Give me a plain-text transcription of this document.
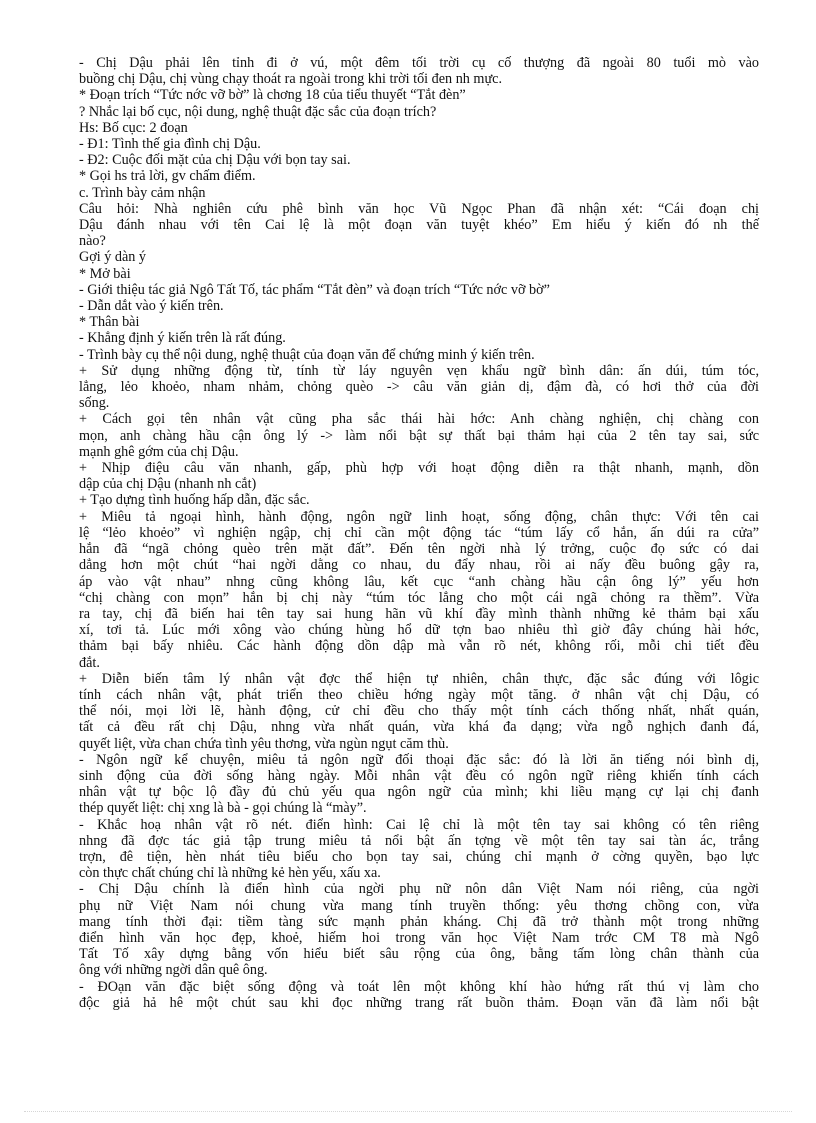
- Chị Dậu phải lên tỉnh đi ở vú, một đêm tối trời cụ cố thượng đã ngoài 80 tuổi mò vào
buồng chị Dậu, chị vùng chạy thoát ra ngoài trong khi trời tối đen nh mực.
* Đoạn trích “Tức nớc vỡ bờ” là chơng 18 của tiểu thuyết “Tắt đèn”
? Nhắc lại bố cục, nội dung, nghệ thuật đặc sắc của đoạn trích?
Hs: Bố cục: 2 đoạn
- Đ1: Tình thế gia đình chị Dậu.
- Đ2: Cuộc đối mặt của chị Dậu với bọn tay sai.
* Gọi hs trả lời, gv chấm điểm.
c. Trình bày cảm nhận
Câu hỏi: Nhà nghiên cứu phê bình văn học Vũ Ngọc Phan đã nhận xét: “Cái đoạn chị
Dậu đánh nhau với tên Cai lệ là một đoạn văn tuyệt khéo” Em hiểu ý kiến đó nh thế
nào?
Gợi ý dàn ý
* Mở bài
- Giới thiệu tác giả Ngô Tất Tố, tác phẩm “Tắt đèn” và đoạn trích “Tức nớc vỡ bờ”
- Dẫn dắt vào ý kiến trên.
* Thân bài
- Khẳng định ý kiến trên là rất đúng.
- Trình bày cụ thể nội dung, nghệ thuật của đoạn văn để chứng minh ý kiến trên.
+ Sử dụng những động từ, tính từ láy nguyên vẹn khẩu ngữ bình dân: ấn dúi, túm tóc,
lẳng, lẻo khoẻo, nham nhảm, chỏng quèo -> câu văn giản dị, đậm đà, có hơi thở của đời
sống.
+ Cách gọi tên nhân vật cũng pha sắc thái hài hớc: Anh chàng nghiện, chị chàng con
mọn, anh chàng hầu cận ông lý -> làm nổi bật sự thất bại thảm hại của 2 tên tay sai, sức
mạnh ghê gớm của chị Dậu.
+ Nhịp điệu câu văn nhanh, gấp, phù hợp với hoạt động diễn ra thật nhanh, mạnh, dồn
dập của chị Dậu (nhanh nh cắt)
+ Tạo dựng tình huống hấp dẫn, đặc sắc.
+ Miêu tả ngoại hình, hành động, ngôn ngữ linh hoạt, sống động, chân thực: Với tên cai
lệ “lẻo khoẻo” vì nghiện ngập, chị chỉ cần một động tác “túm lấy cổ hắn, ấn dúi ra cửa”
hắn đã “ngã chỏng quèo trên mặt đất”. Đến tên ngời nhà lý trởng, cuộc đọ sức có dai
dẳng hơn một chút “hai ngời dằng co nhau, du đẩy nhau, rồi ai nấy đều buông gậy ra,
áp vào vật nhau” nhng cũng không lâu, kết cục “anh chàng hầu cận ông lý” yếu hơn
“chị chàng con mọn” hắn bị chị này “túm tóc lẳng cho một cái ngã chỏng ra thềm”. Vừa
ra tay, chị đã biến hai tên tay sai hung hãn vũ khí đầy mình thành những kẻ thảm bại xấu
xí, tơi tả. Lúc mới xông vào chúng hùng hổ dữ tợn bao nhiêu thì giờ đây chúng hài hớc,
thảm bại bấy nhiêu. Các hành động dồn dập mà vẫn rõ nét, không rối, mỗi chi tiết đều
đắt.
+ Diễn biến tâm lý nhân vật đợc thể hiện tự nhiên, chân thực, đặc sắc đúng với lôgic
tính cách nhân vật, phát triển theo chiều hớng ngày một tăng. ở nhân vật chị Dậu, có
thể nói, mọi lời lẽ, hành động, cử chỉ đều cho thấy một tính cách thống nhất, nhất quán,
tất cả đều rất chị Dậu, nhng vừa nhất quán, vừa khá đa dạng; vừa ngỗ nghịch đanh đá,
quyết liệt, vừa chan chứa tình yêu thơng, vừa ngùn ngụt căm thù.
- Ngôn ngữ kể chuyện, miêu tả ngôn ngữ đối thoại đặc sắc: đó là lời ăn tiếng nói bình dị,
sinh động của đời sống hàng ngày. Mỗi nhân vật đều có ngôn ngữ riêng khiến tính cách
nhân vật tự bộc lộ đầy đủ chủ yếu qua ngôn ngữ của mình; khi liều mạng cự lại chị đanh
thép quyết liệt: chị xng là bà - gọi chúng là “mày”.
- Khắc hoạ nhân vật rõ nét. điển hình: Cai lệ chỉ là một tên tay sai không có tên riêng
nhng đã đợc tác giả tập trung miêu tả nổi bật ấn tợng về một tên tay sai tàn ác, trắng
trợn, đê tiện, hèn nhát tiêu biểu cho bọn tay sai, chúng chỉ mạnh ở cờng quyền, bạo lực
còn thực chất chúng chỉ là những kẻ hèn yếu, xấu xa.
- Chị Dậu chính là điển hình của ngời phụ nữ nôn dân Việt Nam nói riêng, của ngời
phụ nữ Việt Nam nói chung vừa mang tính truyền thống: yêu thơng chồng con, vừa
mang tính thời đại: tiềm tàng sức mạnh phản kháng. Chị đã trở thành một trong những
điển hình văn học đẹp, khoẻ, hiếm hoi trong văn học Việt Nam trớc CM T8 mà Ngô
Tất Tố xây dựng bằng vốn hiểu biết sâu rộng của ông, bằng tấm lòng chân thành của
ông với những ngời dân quê ông.
- ĐOạn văn đặc biệt sống động và toát lên một không khí hào hứng rất thú vị làm cho
độc giả hả hê một chút sau khi đọc những trang rất buồn thảm. Đoạn văn đã làm nổi bật
